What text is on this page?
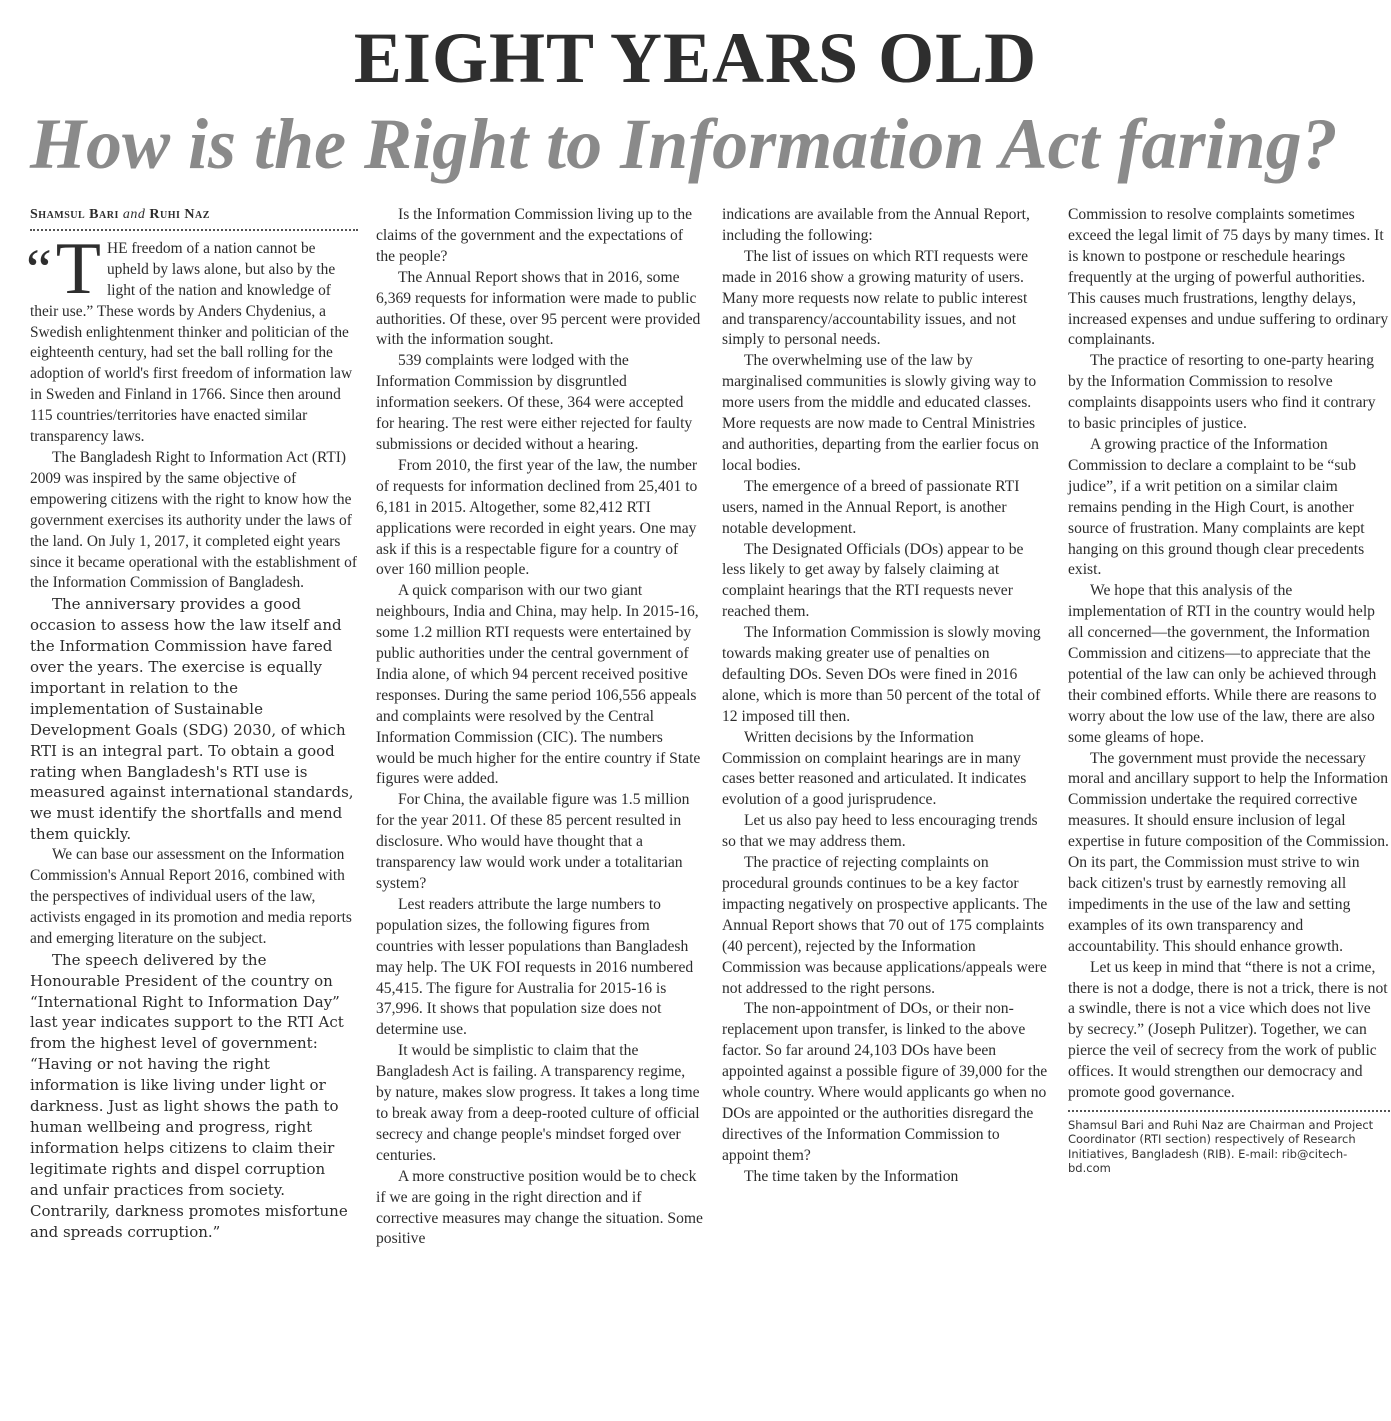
EIGHT YEARS OLD
How is the Right to Information Act faring?
Shamsul Bari and Ruhi Naz

“ T HE freedom of a nation cannot be upheld by laws alone, but also by the light of the nation and knowledge of their use.” These words by Anders Chydenius, a Swedish enlightenment thinker and politician of the eighteenth century, had set the ball rolling for the adoption of world's first freedom of information law in Sweden and Finland in 1766. Since then around 115 countries/territories have enacted similar transparency laws.

The Bangladesh Right to Information Act (RTI) 2009 was inspired by the same objective of empowering citizens with the right to know how the government exercises its authority under the laws of the land. On July 1, 2017, it completed eight years since it became operational with the establishment of the Information Commission of Bangladesh.

The anniversary provides a good occasion to assess how the law itself and the Information Commission have fared over the years. The exercise is equally important in relation to the implementation of Sustainable Development Goals (SDG) 2030, of which RTI is an integral part. To obtain a good rating when Bangladesh's RTI use is measured against international standards, we must identify the shortfalls and mend them quickly.

We can base our assessment on the Information Commission's Annual Report 2016, combined with the perspectives of individual users of the law, activists engaged in its promotion and media reports and emerging literature on the subject.

The speech delivered by the Honourable President of the country on “International Right to Information Day” last year indicates support to the RTI Act from the highest level of government: “Having or not having the right information is like living under light or darkness. Just as light shows the path to human wellbeing and progress, right information helps citizens to claim their legitimate rights and dispel corruption and unfair practices from society. Contrarily, darkness promotes misfortune and spreads corruption.”

Is the Information Commission living up to the claims of the government and the expectations of the people?

The Annual Report shows that in 2016, some 6,369 requests for information were made to public authorities. Of these, over 95 percent were provided with the information sought.

539 complaints were lodged with the Information Commission by disgruntled information seekers. Of these, 364 were accepted for hearing. The rest were either rejected for faulty submissions or decided without a hearing.

From 2010, the first year of the law, the number of requests for information declined from 25,401 to 6,181 in 2015. Altogether, some 82,412 RTI applications were recorded in eight years. One may ask if this is a respectable figure for a country of over 160 million people.

A quick comparison with our two giant neighbours, India and China, may help. In 2015-16, some 1.2 million RTI requests were entertained by public authorities under the central government of India alone, of which 94 percent received positive responses. During the same period 106,556 appeals and complaints were resolved by the Central Information Commission (CIC). The numbers would be much higher for the entire country if State figures were added.

For China, the available figure was 1.5 million for the year 2011. Of these 85 percent resulted in disclosure. Who would have thought that a transparency law would work under a totalitarian system?

Lest readers attribute the large numbers to population sizes, the following figures from countries with lesser populations than Bangladesh may help. The UK FOI requests in 2016 numbered 45,415. The figure for Australia for 2015-16 is 37,996. It shows that population size does not determine use.

It would be simplistic to claim that the Bangladesh Act is failing. A transparency regime, by nature, makes slow progress. It takes a long time to break away from a deep-rooted culture of official secrecy and change people's mindset forged over centuries.

A more constructive position would be to check if we are going in the right direction and if corrective measures may change the situation. Some positive

indications are available from the Annual Report, including the following:

The list of issues on which RTI requests were made in 2016 show a growing maturity of users. Many more requests now relate to public interest and transparency/accountability issues, and not simply to personal needs.

The overwhelming use of the law by marginalised communities is slowly giving way to more users from the middle and educated classes. More requests are now made to Central Ministries and authorities, departing from the earlier focus on local bodies.

The emergence of a breed of passionate RTI users, named in the Annual Report, is another notable development.

The Designated Officials (DOs) appear to be less likely to get away by falsely claiming at complaint hearings that the RTI requests never reached them.

The Information Commission is slowly moving towards making greater use of penalties on defaulting DOs. Seven DOs were fined in 2016 alone, which is more than 50 percent of the total of 12 imposed till then.

Written decisions by the Information Commission on complaint hearings are in many cases better reasoned and articulated. It indicates evolution of a good jurisprudence.

Let us also pay heed to less encouraging trends so that we may address them.

The practice of rejecting complaints on procedural grounds continues to be a key factor impacting negatively on prospective applicants. The Annual Report shows that 70 out of 175 complaints (40 percent), rejected by the Information Commission was because applications/appeals were not addressed to the right persons.

The non-appointment of DOs, or their non-replacement upon transfer, is linked to the above factor. So far around 24,103 DOs have been appointed against a possible figure of 39,000 for the whole country. Where would applicants go when no DOs are appointed or the authorities disregard the directives of the Information Commission to appoint them?

The time taken by the Information

Commission to resolve complaints sometimes exceed the legal limit of 75 days by many times. It is known to postpone or reschedule hearings frequently at the urging of powerful authorities. This causes much frustrations, lengthy delays, increased expenses and undue suffering to ordinary complainants.

The practice of resorting to one-party hearing by the Information Commission to resolve complaints disappoints users who find it contrary to basic principles of justice.

A growing practice of the Information Commission to declare a complaint to be “sub judice”, if a writ petition on a similar claim remains pending in the High Court, is another source of frustration. Many complaints are kept hanging on this ground though clear precedents exist.

We hope that this analysis of the implementation of RTI in the country would help all concerned—the government, the Information Commission and citizens—to appreciate that the potential of the law can only be achieved through their combined efforts. While there are reasons to worry about the low use of the law, there are also some gleams of hope.

The government must provide the necessary moral and ancillary support to help the Information Commission undertake the required corrective measures. It should ensure inclusion of legal expertise in future composition of the Commission. On its part, the Commission must strive to win back citizen's trust by earnestly removing all impediments in the use of the law and setting examples of its own transparency and accountability. This should enhance growth.

Let us keep in mind that “there is not a crime, there is not a dodge, there is not a trick, there is not a swindle, there is not a vice which does not live by secrecy.” (Joseph Pulitzer). Together, we can pierce the veil of secrecy from the work of public offices. It would strengthen our democracy and promote good governance.

Shamsul Bari and Ruhi Naz are Chairman and Project Coordinator (RTI section) respectively of Research Initiatives, Bangladesh (RIB). E-mail: rib@citech-bd.com
